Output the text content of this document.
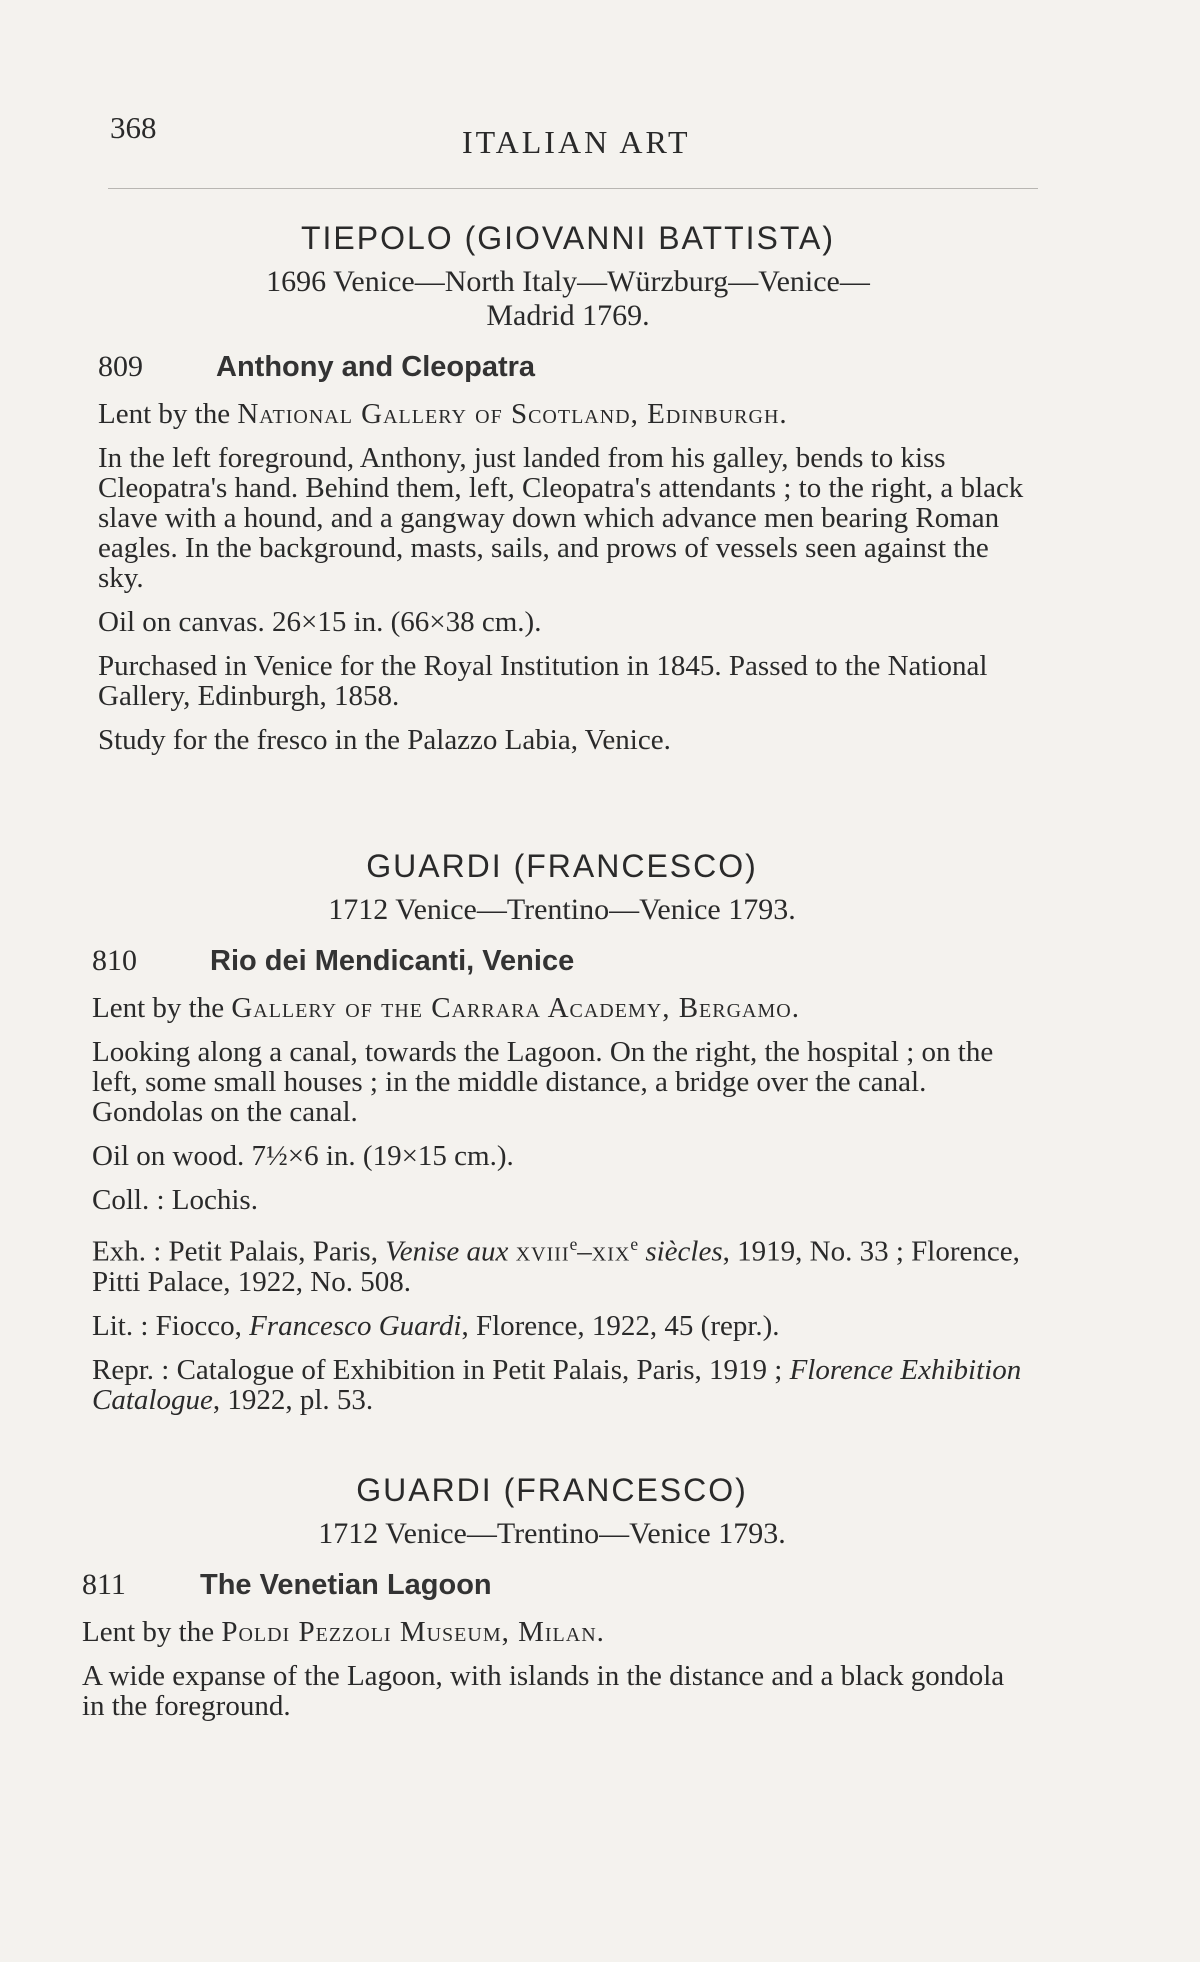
368	ITALIAN ART
TIEPOLO (GIOVANNI BATTISTA)
1696 Venice—North Italy—Würzburg—Venice—
Madrid 1769.
809	Anthony and Cleopatra
Lent by the National Gallery of Scotland, Edinburgh.
In the left foreground, Anthony, just landed from his galley, bends to kiss Cleopatra's hand. Behind them, left, Cleopatra's attendants ; to the right, a black slave with a hound, and a gangway down which advance men bearing Roman eagles. In the background, masts, sails, and prows of vessels seen against the sky.
Oil on canvas. 26×15 in. (66×38 cm.).
Purchased in Venice for the Royal Institution in 1845. Passed to the National Gallery, Edinburgh, 1858.
Study for the fresco in the Palazzo Labia, Venice.
GUARDI (FRANCESCO)
1712 Venice—Trentino—Venice 1793.
810	Rio dei Mendicanti, Venice
Lent by the Gallery of the Carrara Academy, Bergamo.
Looking along a canal, towards the Lagoon. On the right, the hospital ; on the left, some small houses ; in the middle distance, a bridge over the canal. Gondolas on the canal.
Oil on wood. 7½×6 in. (19×15 cm.).
Coll. : Lochis.
Exh. : Petit Palais, Paris, Venise aux xviii$^e$–xix$^e$ siècles, 1919, No. 33 ; Florence, Pitti Palace, 1922, No. 508.
Lit. : Fiocco, Francesco Guardi, Florence, 1922, 45 (repr.).
Repr. : Catalogue of Exhibition in Petit Palais, Paris, 1919 ; Florence Exhibition Catalogue, 1922, pl. 53.
GUARDI (FRANCESCO)
1712 Venice—Trentino—Venice 1793.
811	The Venetian Lagoon
Lent by the Poldi Pezzoli Museum, Milan.
A wide expanse of the Lagoon, with islands in the distance and a black gondola in the foreground.
